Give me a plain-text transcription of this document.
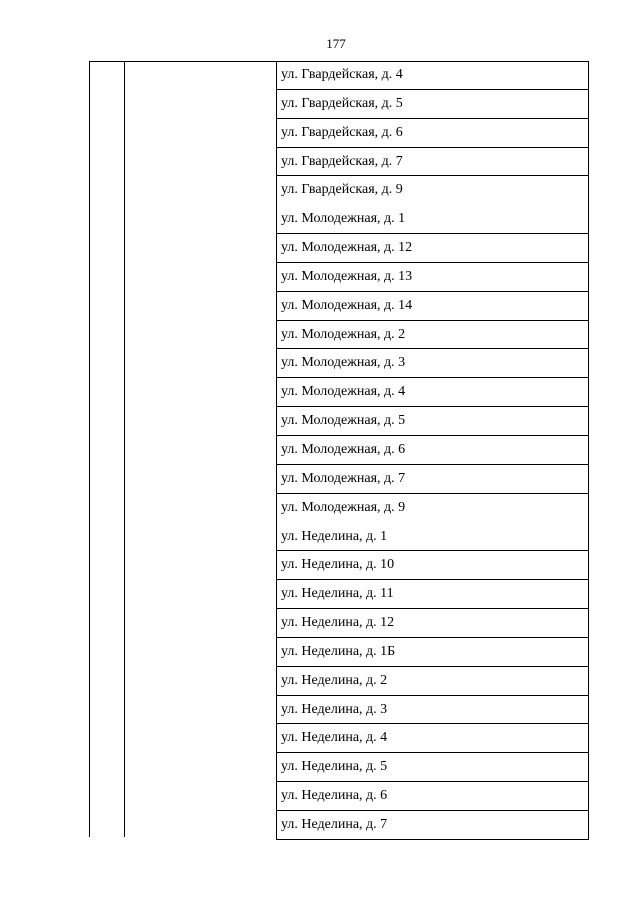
177
ул. Гвардейская, д. 4
ул. Гвардейская, д. 5
ул. Гвардейская, д. 6
ул. Гвардейская, д. 7
ул. Гвардейская, д. 9
ул. Молодежная, д. 1
ул. Молодежная, д. 12
ул. Молодежная, д. 13
ул. Молодежная, д. 14
ул. Молодежная, д. 2
ул. Молодежная, д. 3
ул. Молодежная, д. 4
ул. Молодежная, д. 5
ул. Молодежная, д. 6
ул. Молодежная, д. 7
ул. Молодежная, д. 9
ул. Неделина, д. 1
ул. Неделина, д. 10
ул. Неделина, д. 11
ул. Неделина, д. 12
ул. Неделина, д. 1Б
ул. Неделина, д. 2
ул. Неделина, д. 3
ул. Неделина, д. 4
ул. Неделина, д. 5
ул. Неделина, д. 6
ул. Неделина, д. 7
